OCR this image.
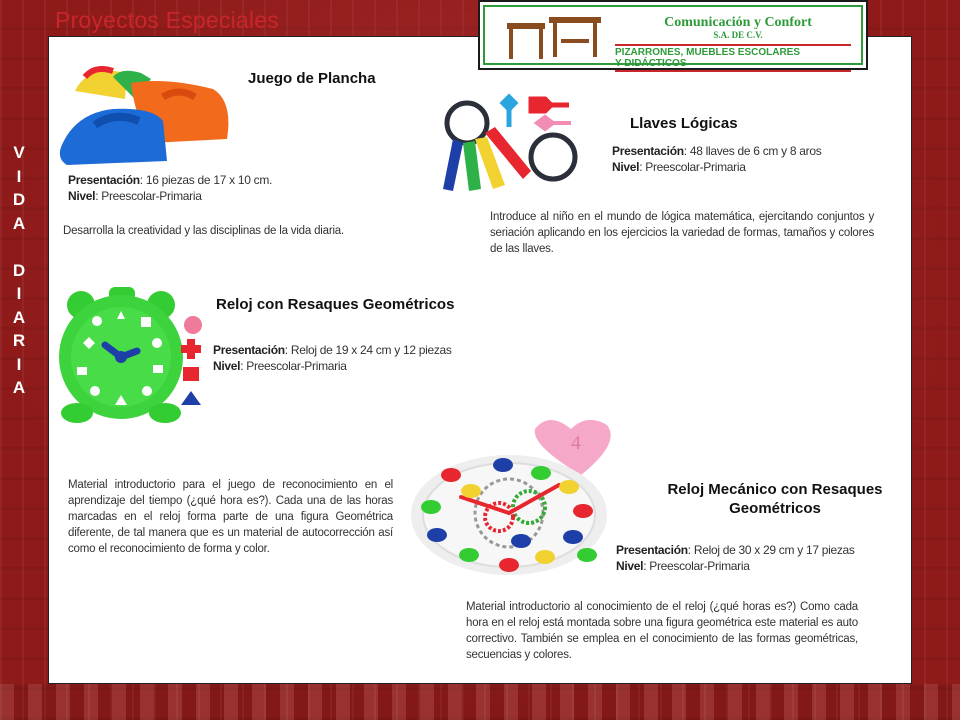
Proyectos Especiales
V
I
D
A
D
I
A
R
I
A
Juego de Plancha
Presentación: 16 piezas de 17 x 10 cm.
Nivel: Preescolar-Primaria
Desarrolla la creatividad y las disciplinas de la vida diaria.
Llaves Lógicas
Presentación: 48 llaves de 6 cm y 8 aros
Nivel: Preescolar-Primaria
Introduce al niño en el mundo de lógica matemática, ejercitando conjuntos y seriación aplicando en los ejercicios la variedad de formas, tamaños y colores de las llaves.
Reloj con Resaques Geométricos
Presentación: Reloj de 19 x 24 cm y 12 piezas
Nivel: Preescolar-Primaria
Material introductorio para el juego de reconocimiento en el aprendizaje del tiempo (¿qué hora es?). Cada una de las horas marcadas en el reloj forma parte de una figura Geométrica diferente, de tal manera que es un material de autocorrección así como el reconocimiento de forma y color.
4
Reloj Mecánico con Resaques
Geométricos
Presentación: Reloj de 30 x 29 cm y 17 piezas
Nivel: Preescolar-Primaria
Material introductorio al conocimiento de el reloj (¿qué horas es?) Como cada hora en el reloj está montada sobre una figura geométrica este material es auto correctivo. También se emplea en el conocimiento de las formas geométricas, secuencias y colores.
Comunicación y Confort
S.A. DE C.V.
PIZARRONES, MUEBLES ESCOLARES
Y DIDÁCTICOS
